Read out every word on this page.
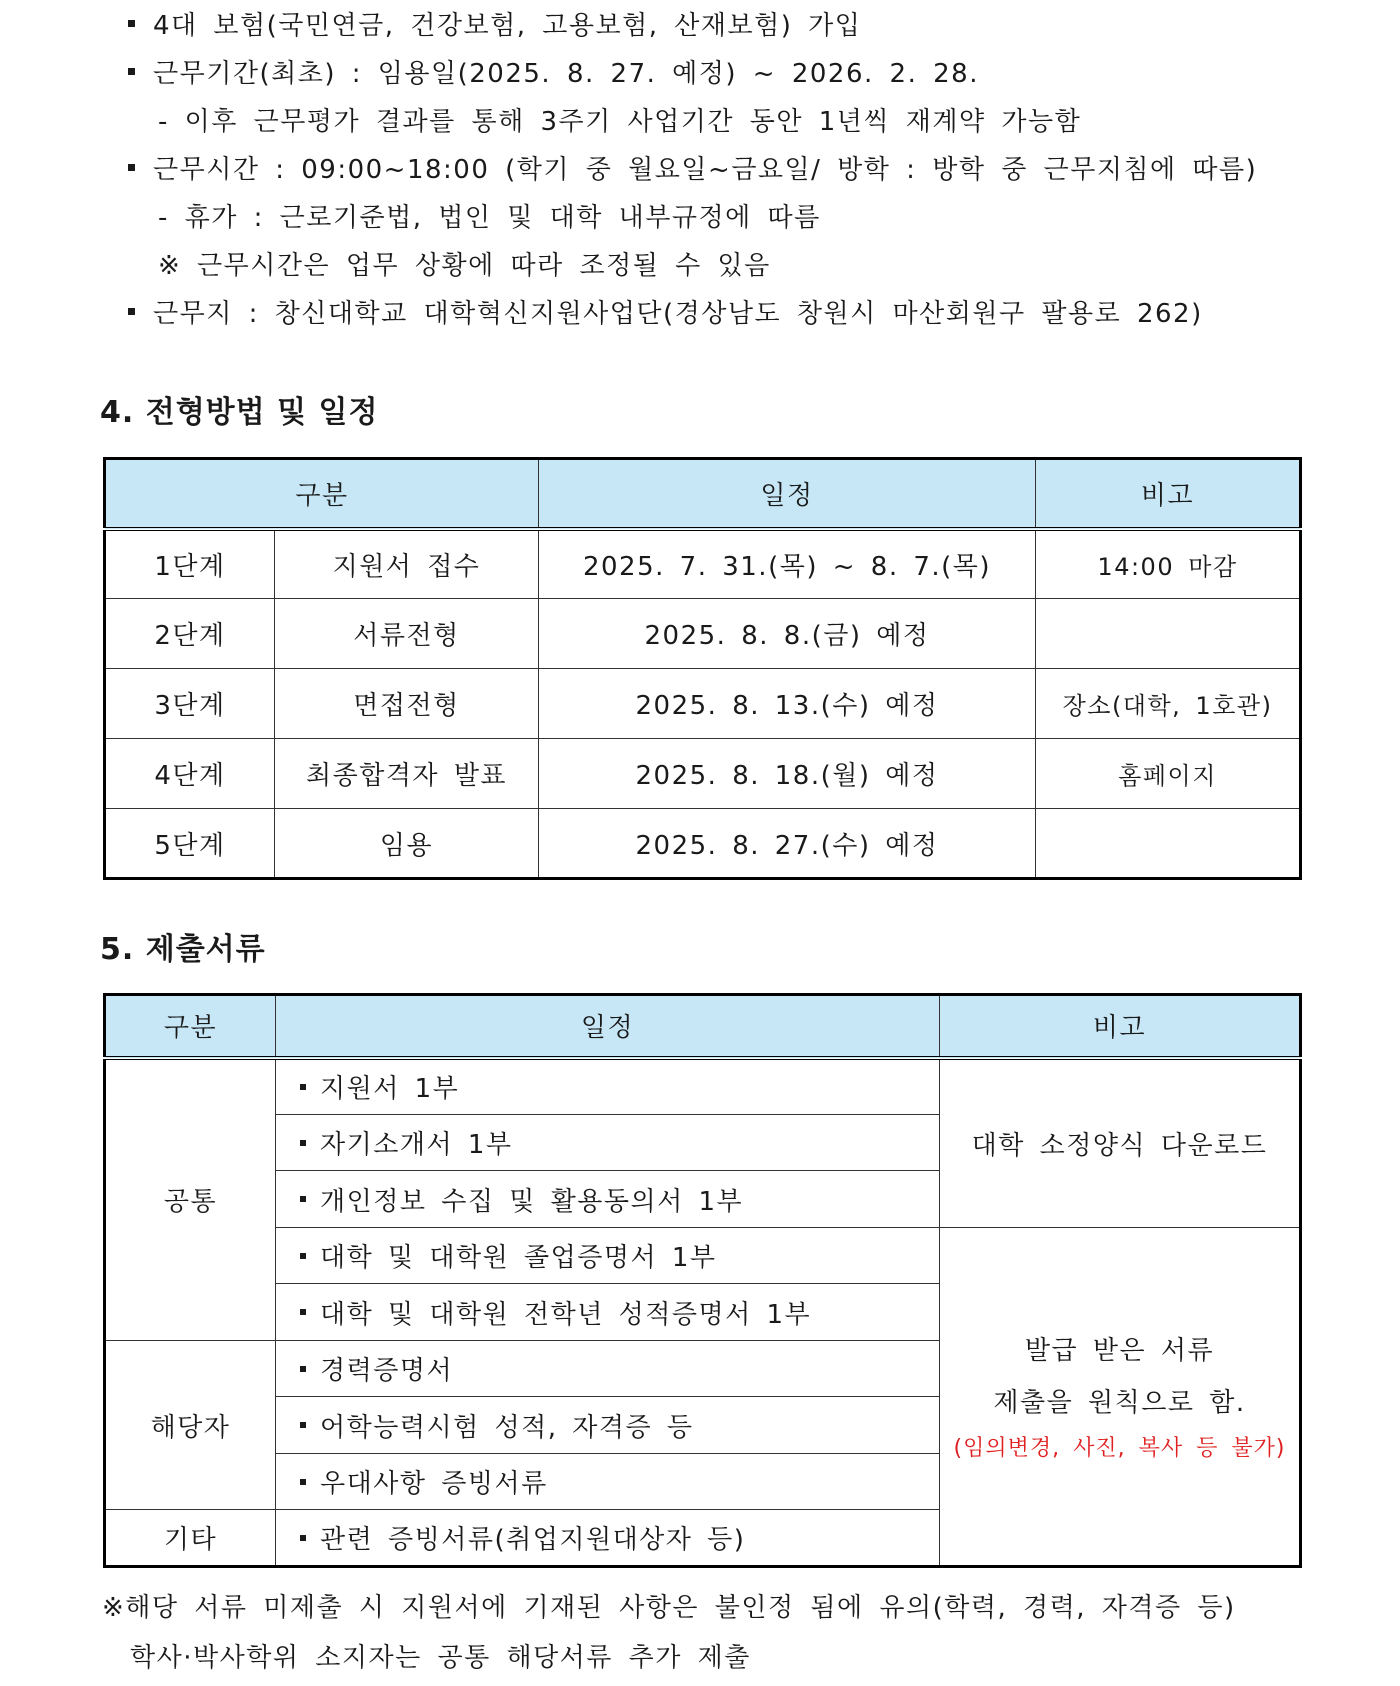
4대 보험(국민연금, 건강보험, 고용보험, 산재보험) 가입
근무기간(최초) : 임용일(2025. 8. 27. 예정) ~ 2026. 2. 28.
- 이후 근무평가 결과를 통해 3주기 사업기간 동안 1년씩 재계약 가능함
근무시간 : 09:00~18:00 (학기 중 월요일~금요일/ 방학 : 방학 중 근무지침에 따름)
- 휴가 : 근로기준법, 법인 및 대학 내부규정에 따름
※ 근무시간은 업무 상황에 따라 조정될 수 있음
근무지 : 창신대학교 대학혁신지원사업단(경상남도 창원시 마산회원구 팔용로 262)
4. 전형방법 및 일정
구분		일정	비고
1단계	지원서 접수	2025. 7. 31.(목) ~ 8. 7.(목)	14:00 마감
2단계	서류전형	2025. 8. 8.(금) 예정	
3단계	면접전형	2025. 8. 13.(수) 예정	장소(대학, 1호관)
4단계	최종합격자 발표	2025. 8. 18.(월) 예정	홈페이지
5단계	임용	2025. 8. 27.(수) 예정	
5. 제출서류
구분	일정	비고
공통	지원서 1부	대학 소정양식 다운로드
	자기소개서 1부	
	개인정보 수집 및 활용동의서 1부	
	대학 및 대학원 졸업증명서 1부	발급 받은 서류
제출을 원칙으로 함.
(임의변경, 사진, 복사 등 불가)

	대학 및 대학원 전학년 성적증명서 1부	
해당자	경력증명서	
	어학능력시험 성적, 자격증 등	
	우대사항 증빙서류	
기타	관련 증빙서류(취업지원대상자 등)	
※해당 서류 미제출 시 지원서에 기재된 사항은 불인정 됨에 유의(학력, 경력, 자격증 등)
학사·박사학위 소지자는 공통 해당서류 추가 제출
